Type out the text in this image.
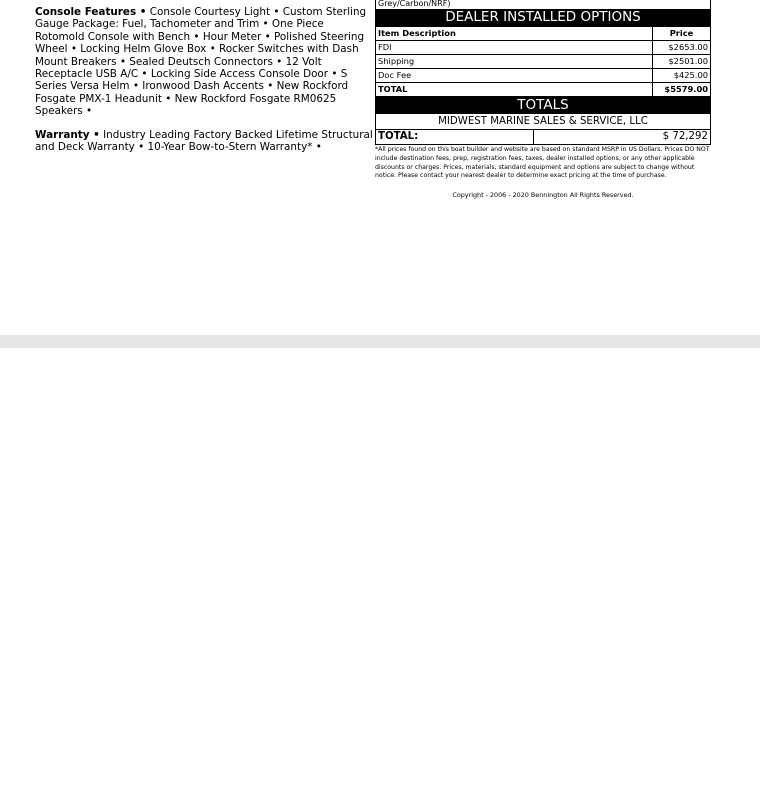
Console Features • Console Courtesy Light • Custom Sterling Gauge Package: Fuel, Tachometer and Trim • One Piece Rotomold Console with Bench • Hour Meter • Polished Steering Wheel • Locking Helm Glove Box • Rocker Switches with Dash Mount Breakers • Sealed Deutsch Connectors • 12 Volt Receptacle USB A/C • Locking Side Access Console Door • S Series Versa Helm • Ironwood Dash Accents • New Rockford Fosgate PMX-1 Headunit • New Rockford Fosgate RM0625 Speakers •

Warranty • Industry Leading Factory Backed Lifetime Structural and Deck Warranty • 10-Year Bow-to-Stern Warranty* •

Grey/Carbon/NRF)
DEALER INSTALLED OPTIONS
Item Description	Price
FDI	$2653.00
Shipping	$2501.00
Doc Fee	$425.00
TOTAL	$5579.00
TOTALS
MIDWEST MARINE SALES & SERVICE, LLC
TOTAL:	$ 72,292
*All prices found on this boat builder and website are based on standard MSRP in US Dollars. Prices DO NOT include destination fees, prep, registration fees, taxes, dealer installed options, or any other applicable discounts or charges. Prices, materials, standard equipment and options are subject to change without notice. Please contact your nearest dealer to determine exact pricing at the time of purchase.
Copyright - 2006 - 2020 Bennington All Rights Reserved.
